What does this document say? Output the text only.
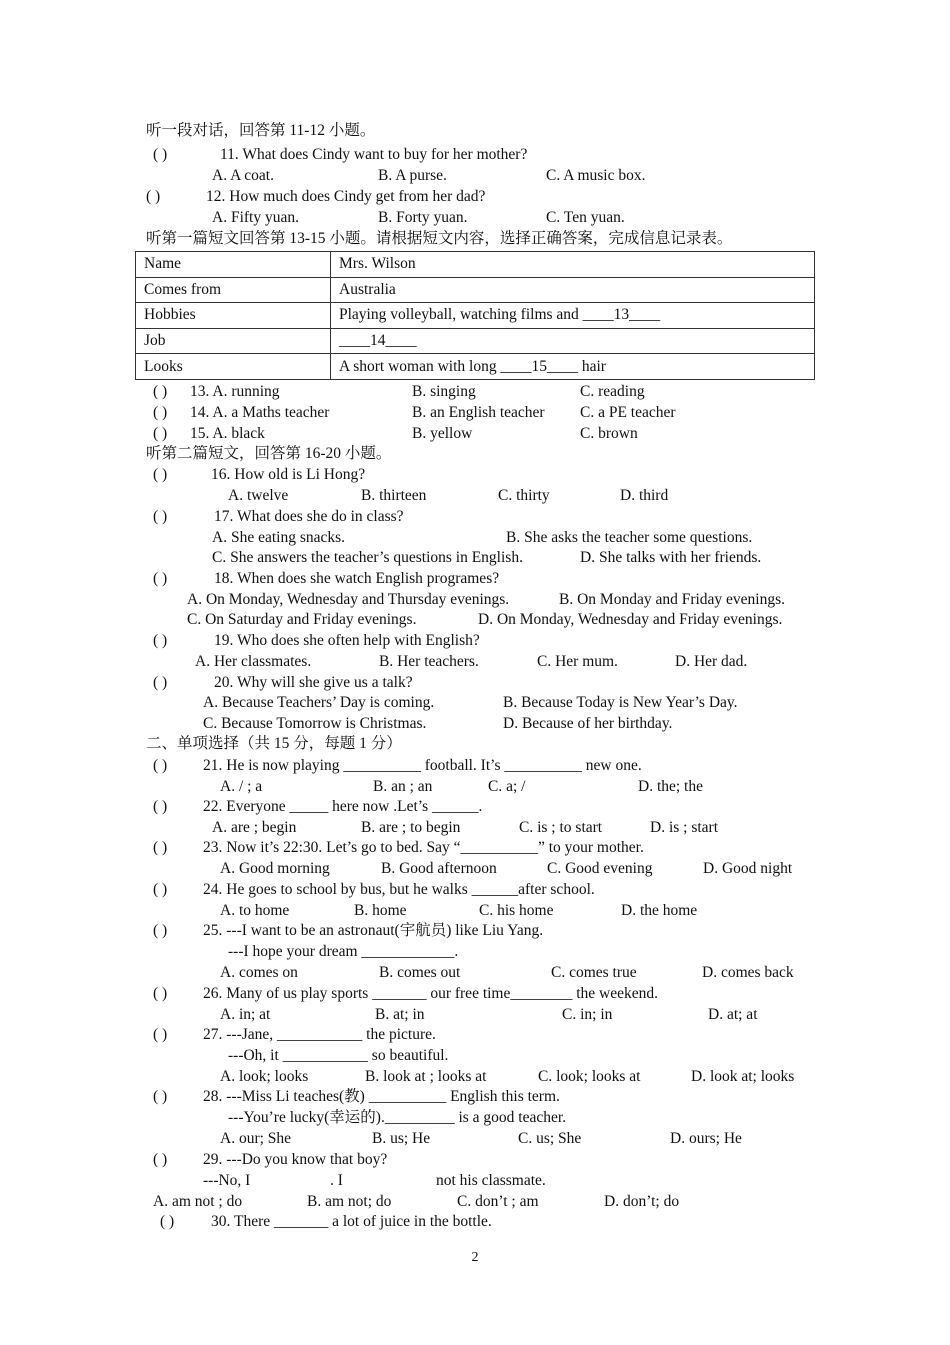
听一段对话，回答第 11-12 小题。
( )	11. What does Cindy want to buy for her mother?
A. A coat.	B. A purse.	C. A music box.
( )	12. How much does Cindy get from her dad?
A. Fifty yuan.	B. Forty yuan.	C. Ten yuan.
听第一篇短文回答第 13-15 小题。请根据短文内容，选择正确答案，完成信息记录表。
Name	Mrs. Wilson
Comes from	Australia
Hobbies	Playing volleyball, watching films and ____13____
Job	____14____
Looks	A short woman with long ____15____ hair
( ) 13. A. running	B. singing	C. reading
( ) 14. A. a Maths teacher	B. an English teacher C. a PE teacher
( ) 15. A. black	B. yellow	C. brown
听第二篇短文，回答第 16-20 小题。
( )	16. How old is Li Hong?
A. twelve	B. thirteen	C. thirty	D. third
( )	17. What does she do in class?
A. She eating snacks.	B. She asks the teacher some questions.
C. She answers the teacher’s questions in English.	D. She talks with her friends.
( )	18. When does she watch English programes?
A. On Monday, Wednesday and Thursday evenings.	B. On Monday and Friday evenings.
C. On Saturday and Friday evenings.	D. On Monday, Wednesday and Friday evenings.
( )	19. Who does she often help with English?
A. Her classmates.	B. Her teachers.	C. Her mum.	D. Her dad.
( )	20. Why will she give us a talk?
A. Because Teachers’ Day is coming.	B. Because Today is New Year’s Day.
C. Because Tomorrow is Christmas.	D. Because of her birthday.
二、单项选择（共 15 分，每题 1 分）
( ) 21. He is now playing __________ football. It’s __________ new one.
A. / ; a	B. an ; an	C. a; /	D. the; the
( ) 22. Everyone _____ here now .Let’s ______.
A. are ; begin	B. are ; to begin	C. is ; to start	D. is ; start
( ) 23. Now it’s 22:30. Let’s go to bed. Say “__________” to your mother.
A. Good morning	B. Good afternoon	C. Good evening	D. Good night
( ) 24. He goes to school by bus, but he walks ______after school.
A. to home	B. home	C. his home	D. the home
( ) 25. ---I want to be an astronaut(宇航员) like Liu Yang.
---I hope your dream ____________.
A. comes on	B. comes out	C. comes true	D. comes back
( ) 26. Many of us play sports _______ our free time________ the weekend.
A. in; at	B. at; in	C. in; in	D. at; at
( ) 27. ---Jane, ___________ the picture.
---Oh, it ___________ so beautiful.
A. look; looks	B. look at ; looks at	C. look; looks at	D. look at; looks
( ) 28. ---Miss Li teaches(教) __________ English this term.
---You’re lucky(幸运的)._________ is a good teacher.
A. our; She	B. us; He	C. us; She	D. ours; He
( ) 29. ---Do you know that boy?
---No, I	. I	not his classmate.
A. am not ; do	B. am not; do	C. don’t ; am	D. don’t; do
( ) 30. There _______ a lot of juice in the bottle.
2
